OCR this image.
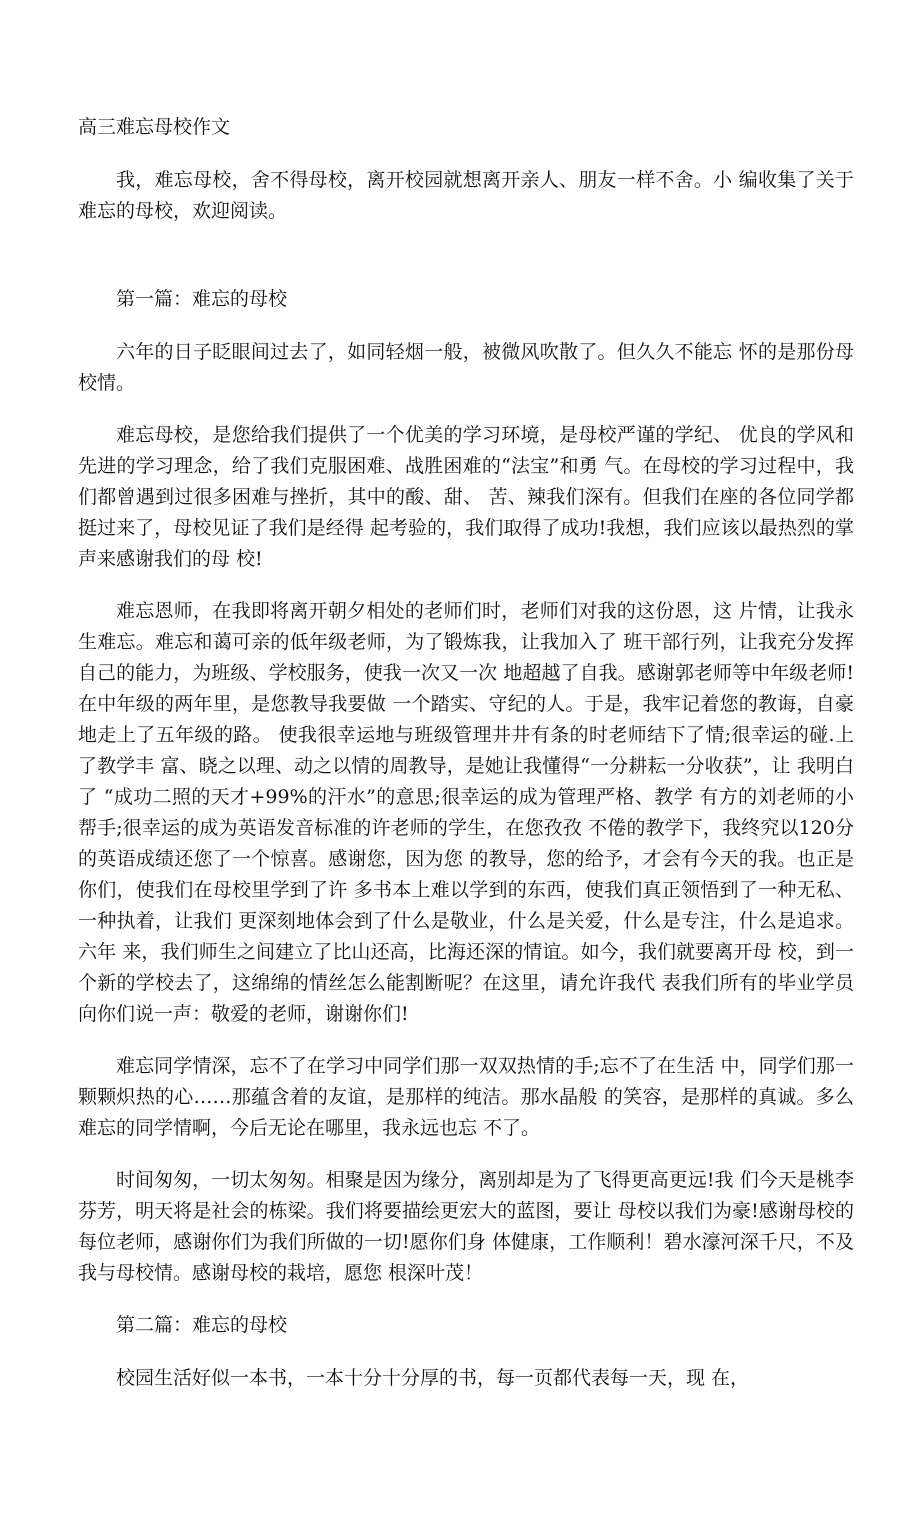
高三难忘母校作文

我，难忘母校，舍不得母校，离开校园就想离开亲人、朋友一样不舍。小 编收集了关于难忘的母校，欢迎阅读。

第一篇：难忘的母校

六年的日子眨眼间过去了，如同轻烟一般，被微风吹散了。但久久不能忘 怀的是那份母校情。

难忘母校，是您给我们提供了一个优美的学习环境，是母校严谨的学纪、 优良的学风和先进的学习理念，给了我们克服困难、战胜困难的“法宝”和勇 气。在母校的学习过程中，我们都曾遇到过很多困难与挫折，其中的酸、甜、 苦、辣我们深有。但我们在座的各位同学都挺过来了，母校见证了我们是经得 起考验的，我们取得了成功!我想，我们应该以最热烈的掌声来感谢我们的母 校!

难忘恩师，在我即将离开朝夕相处的老师们时，老师们对我的这份恩，这 片情，让我永生难忘。难忘和蔼可亲的低年级老师，为了锻炼我，让我加入了 班干部行列，让我充分发挥自己的能力，为班级、学校服务，使我一次又一次 地超越了自我。感谢郭老师等中年级老师!在中年级的两年里，是您教导我要做 一个踏实、守纪的人。于是，我牢记着您的教诲，自豪地走上了五年级的路。 使我很幸运地与班级管理井井有条的时老师结下了情;很幸运的碰.上了教学丰 富、晓之以理、动之以情的周教导，是她让我懂得“一分耕耘一分收获”，让 我明白了 “成功二照的天才+99%的汗水”的意思;很幸运的成为管理严格、教学 有方的刘老师的小帮手;很幸运的成为英语发音标准的许老师的学生，在您孜孜 不倦的教学下，我终究以120分的英语成绩还您了一个惊喜。感谢您，因为您 的教导，您的给予，才会有今天的我。也正是你们，使我们在母校里学到了许 多书本上难以学到的东西，使我们真正领悟到了一种无私、一种执着，让我们 更深刻地体会到了什么是敬业，什么是关爱，什么是专注，什么是追求。六年 来，我们师生之间建立了比山还高，比海还深的情谊。如今，我们就要离开母 校，到一个新的学校去了，这绵绵的情丝怎么能割断呢？在这里，请允许我代 表我们所有的毕业学员向你们说一声：敬爱的老师，谢谢你们!

难忘同学情深，忘不了在学习中同学们那一双双热情的手;忘不了在生活 中，同学们那一颗颗炽热的心……那蕴含着的友谊，是那样的纯洁。那水晶般 的笑容，是那样的真诚。多么难忘的同学情啊，今后无论在哪里，我永远也忘 不了。

时间匆匆，一切太匆匆。相聚是因为缘分，离别却是为了飞得更高更远!我 们今天是桃李芬芳，明天将是社会的栋梁。我们将要描绘更宏大的蓝图，要让 母校以我们为豪!感谢母校的每位老师，感谢你们为我们所做的一切!愿你们身 体健康，工作顺利！碧水濠河深千尺，不及我与母校情。感谢母校的栽培，愿您 根深叶茂！

第二篇：难忘的母校

校园生活好似一本书，一本十分十分厚的书，每一页都代表每一天，现 在，
